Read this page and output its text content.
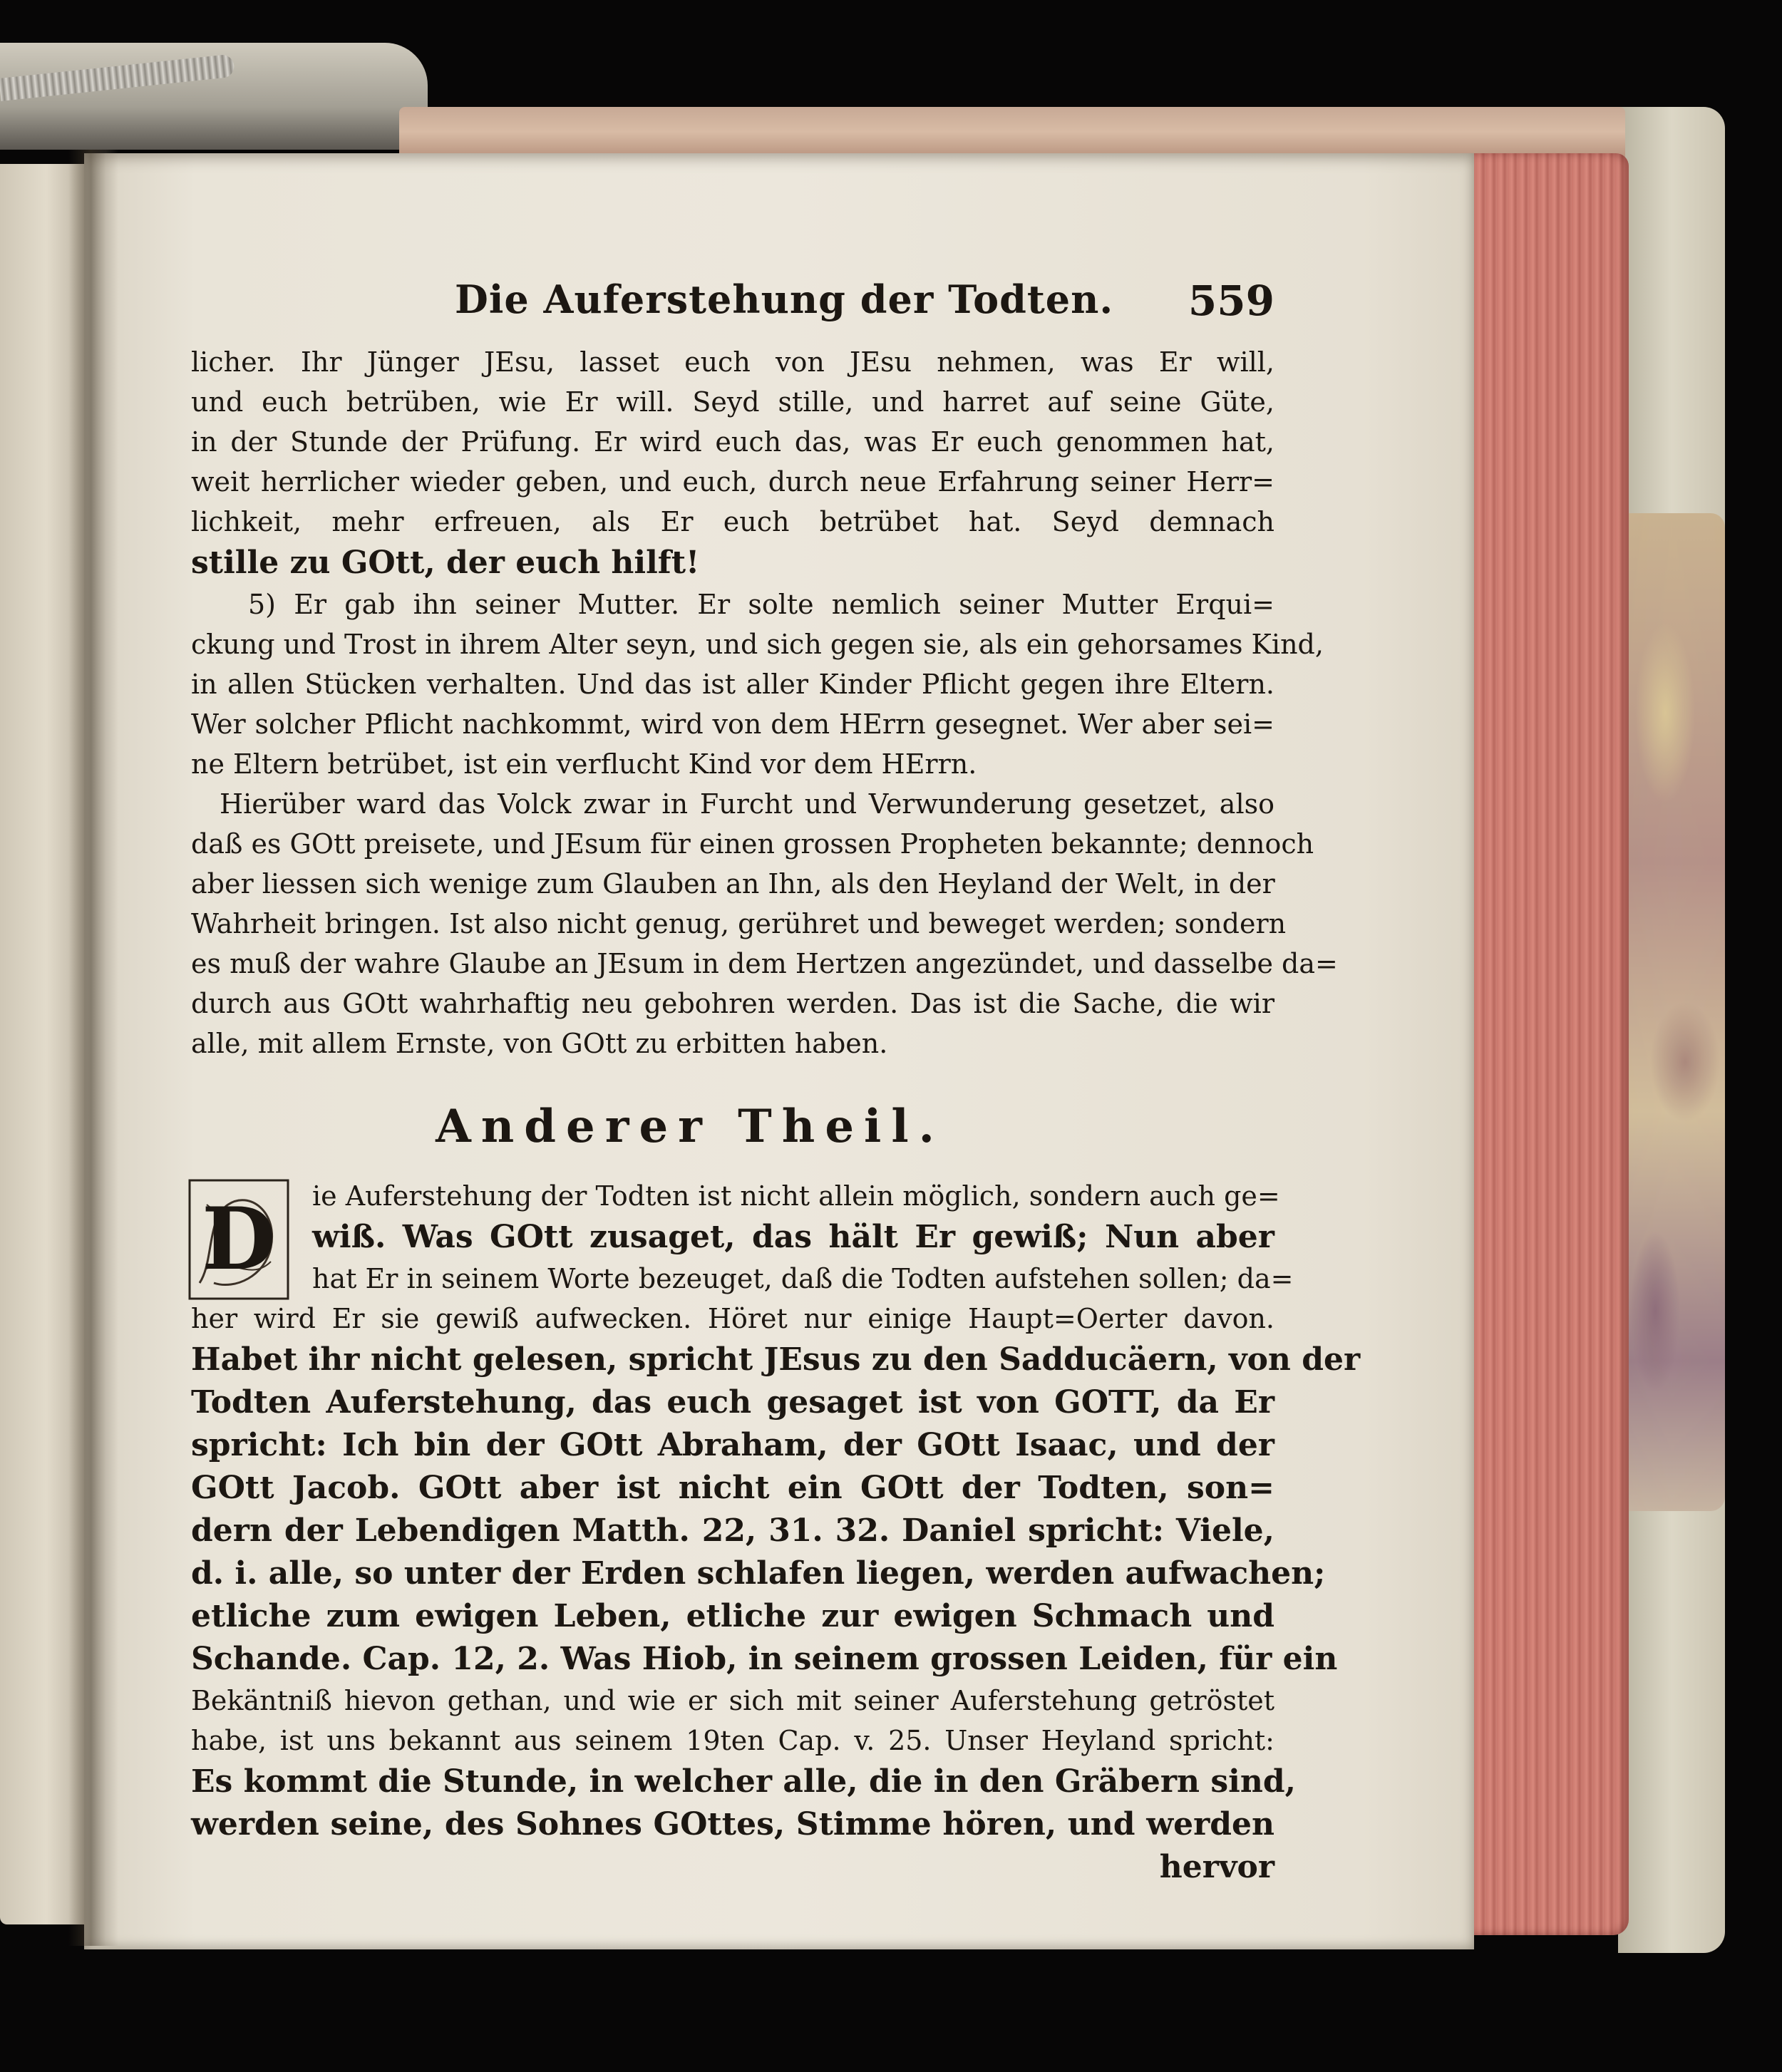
Die Auferstehung der Todten. 559
licher. Ihr Jünger JEsu, lasset euch von JEsu nehmen, was Er will,
und euch betrüben, wie Er will. Seyd stille, und harret auf seine Güte,
in der Stunde der Prüfung. Er wird euch das, was Er euch genommen hat,
weit herrlicher wieder geben, und euch, durch neue Erfahrung seiner Herr=
lichkeit, mehr erfreuen, als Er euch betrübet hat. Seyd demnach
stille zu GOtt, der euch hilft!
5) Er gab ihn seiner Mutter. Er solte nemlich seiner Mutter Erqui=
ckung und Trost in ihrem Alter seyn, und sich gegen sie, als ein gehorsames Kind,
in allen Stücken verhalten. Und das ist aller Kinder Pflicht gegen ihre Eltern.
Wer solcher Pflicht nachkommt, wird von dem HErrn gesegnet. Wer aber sei=
ne Eltern betrübet, ist ein verflucht Kind vor dem HErrn.
Hierüber ward das Volck zwar in Furcht und Verwunderung gesetzet, also
daß es GOtt preisete, und JEsum für einen grossen Propheten bekannte; dennoch
aber liessen sich wenige zum Glauben an Ihn, als den Heyland der Welt, in der
Wahrheit bringen. Ist also nicht genug, gerühret und beweget werden; sondern
es muß der wahre Glaube an JEsum in dem Hertzen angezündet, und dasselbe da=
durch aus GOtt wahrhaftig neu gebohren werden. Das ist die Sache, die wir
alle, mit allem Ernste, von GOtt zu erbitten haben.
Anderer Theil.
D	ie Auferstehung der Todten ist nicht allein möglich, sondern auch ge=
wiß. Was GOtt zusaget, das hält Er gewiß; Nun aber
hat Er in seinem Worte bezeuget, daß die Todten aufstehen sollen; da=
her wird Er sie gewiß aufwecken. Höret nur einige Haupt=Oerter davon.
Habet ihr nicht gelesen, spricht JEsus zu den Sadducäern, von der
Todten Auferstehung, das euch gesaget ist von GOTT, da Er
spricht: Ich bin der GOtt Abraham, der GOtt Isaac, und der
GOtt Jacob. GOtt aber ist nicht ein GOtt der Todten, son=
dern der Lebendigen Matth. 22, 31. 32. Daniel spricht: Viele,
d. i. alle, so unter der Erden schlafen liegen, werden aufwachen;
etliche zum ewigen Leben, etliche zur ewigen Schmach und
Schande. Cap. 12, 2. Was Hiob, in seinem grossen Leiden, für ein
Bekäntniß hievon gethan, und wie er sich mit seiner Auferstehung getröstet
habe, ist uns bekannt aus seinem 19ten Cap. v. 25. Unser Heyland spricht:
Es kommt die Stunde, in welcher alle, die in den Gräbern sind,
werden seine, des Sohnes GOttes, Stimme hören, und werden
hervor
